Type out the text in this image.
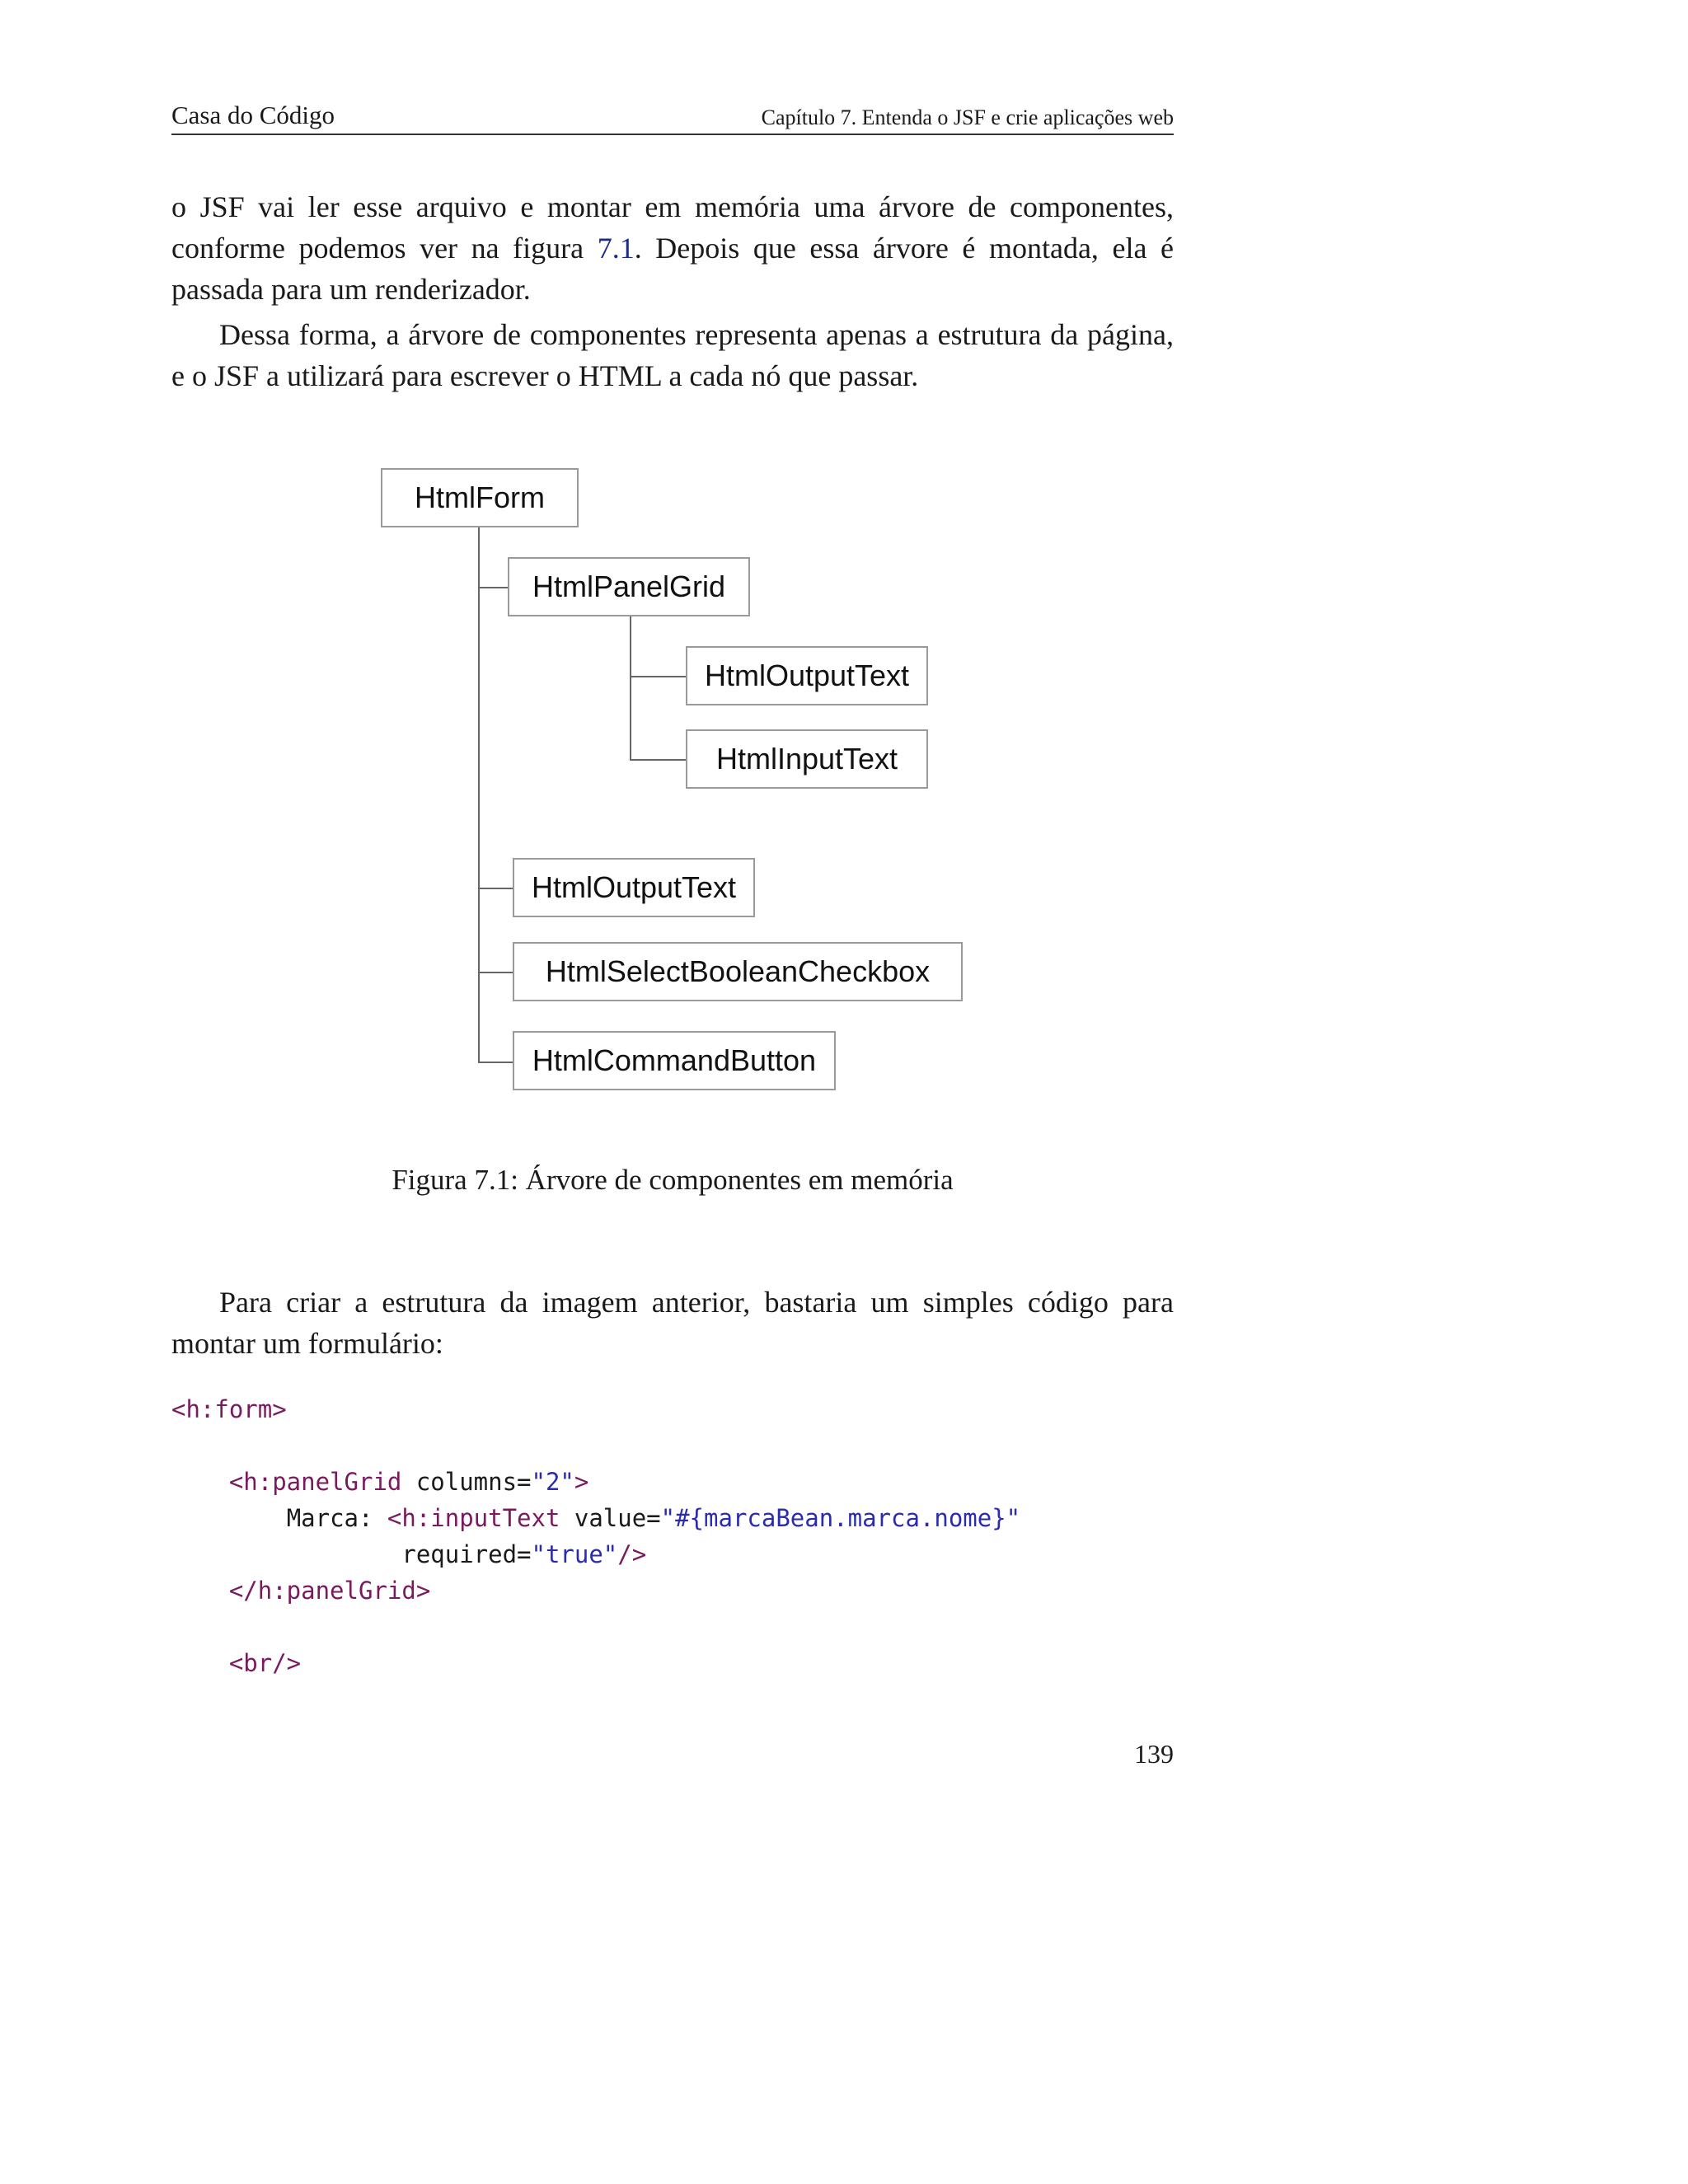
Casa do Código	Capítulo 7. Entenda o JSF e crie aplicações web

o JSF vai ler esse arquivo e montar em memória uma árvore de componentes, conforme podemos ver na figura 7.1. Depois que essa árvore é montada, ela é passada para um renderizador.

Dessa forma, a árvore de componentes representa apenas a estrutura da página, e o JSF a utilizará para escrever o HTML a cada nó que passar.

HtmlForm
HtmlPanelGrid
HtmlOutputText
HtmlInputText
HtmlOutputText
HtmlSelectBooleanCheckbox
HtmlCommandButton
Figura 7.1: Árvore de componentes em memória

Para criar a estrutura da imagem anterior, bastaria um simples código para montar um formulário:

<h:form>

<h:panelGrid columns="2">
Marca: <h:inputText value="#{marcaBean.marca.nome}"
required="true"/>
</h:panelGrid>

<br/>
139
